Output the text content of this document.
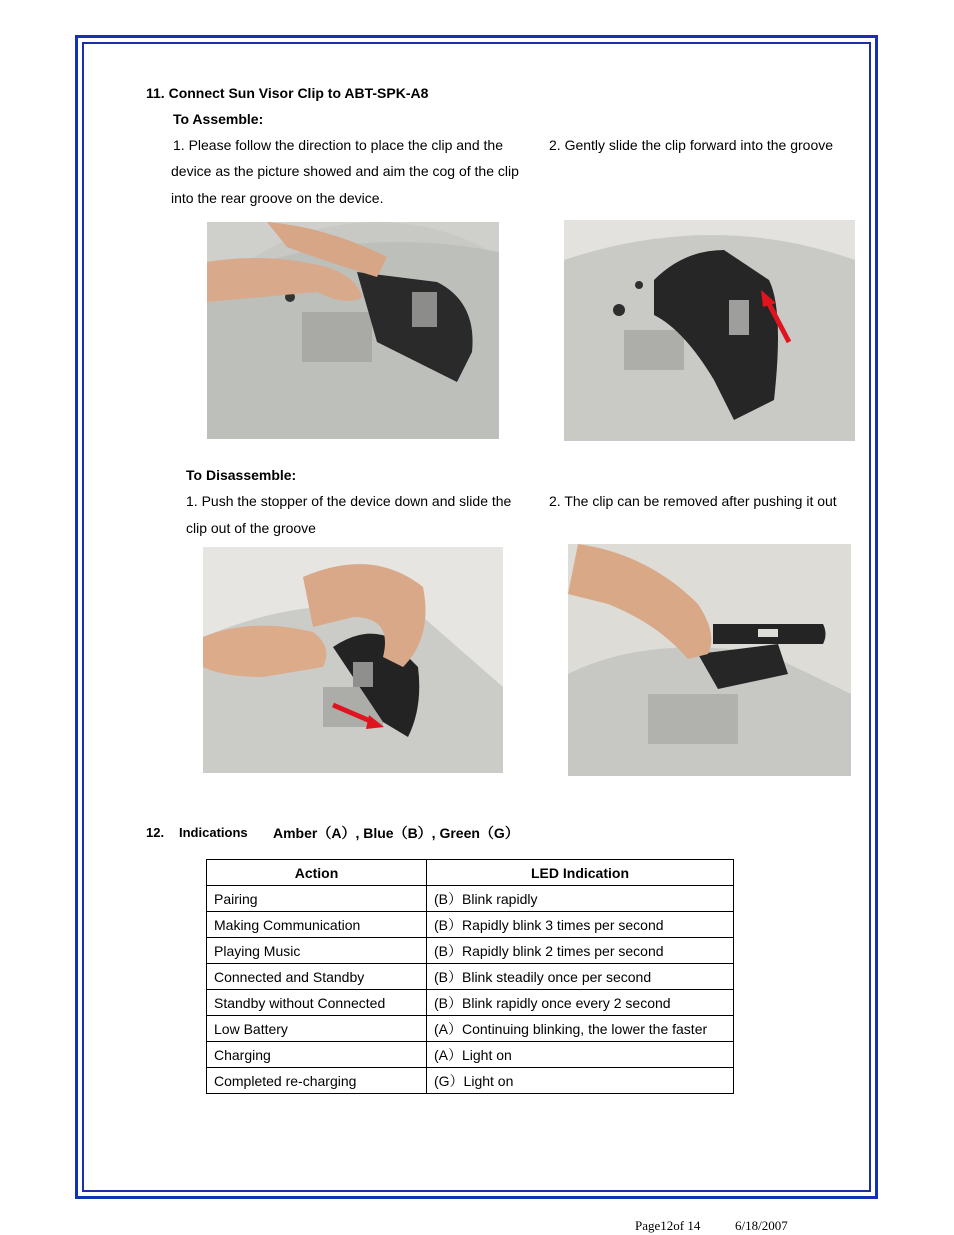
11. Connect Sun Visor Clip to ABT-SPK-A8
To Assemble:
1. Please follow the direction to place the clip and the
device as the picture showed and aim the cog of the clip
into the rear groove on the device.
2. Gently slide the clip forward into the groove
To Disassemble:
1. Push the stopper of the device down and slide the
clip out of the groove
2. The clip can be removed after pushing it out
12. Indications Amber（A）, Blue（B）, Green（G）
Action	LED Indication
Pairing	(B）Blink rapidly
Making Communication	(B）Rapidly blink 3 times per second
Playing Music	(B）Rapidly blink 2 times per second
Connected and Standby	(B）Blink steadily once per second
Standby without Connected	(B）Blink rapidly once every 2 second
Low Battery	(A）Continuing blinking, the lower the faster
Charging	(A）Light on
Completed re-charging	(G）Light on
Page12of 14	6/18/2007
